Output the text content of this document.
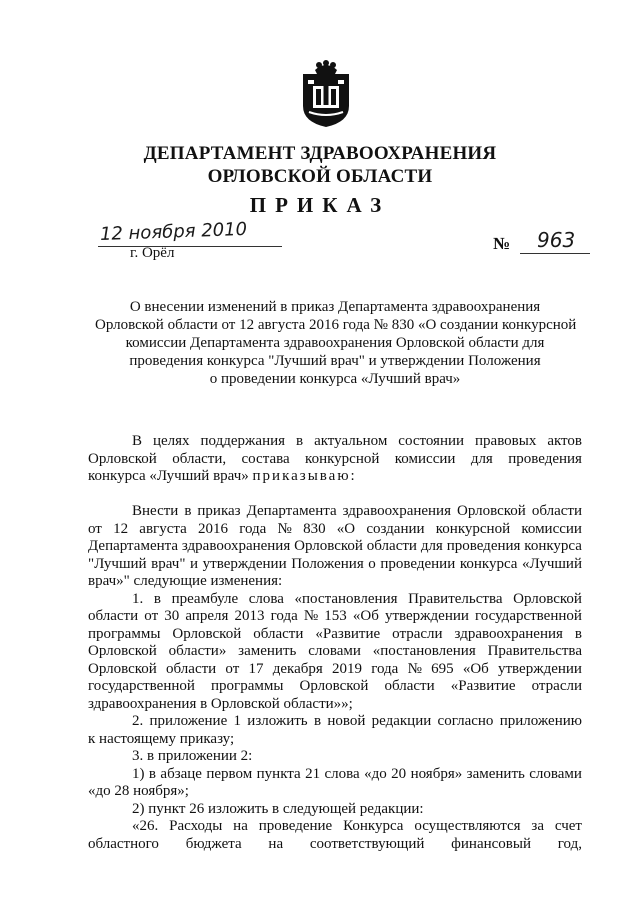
ДЕПАРТАМЕНТ ЗДРАВООХРАНЕНИЯ
ОРЛОВСКОЙ ОБЛАСТИ
ПРИКАЗ
12 ноября 2010
г. Орёл	№ 963
О внесении изменений в приказ Департамента здравоохранения
Орловской области от 12 августа 2016 года № 830 «О создании конкурсной
комиссии Департамента здравоохранения Орловской области для
проведения конкурса "Лучший врач" и утверждении Положения
о проведении конкурса «Лучший врач»
В целях поддержания в актуальном состоянии правовых актов
Орловской области, состава конкурсной комиссии для проведения
конкурса «Лучший врач» приказываю:
Внести в приказ Департамента здравоохранения Орловской области
от 12 августа 2016 года № 830 «О создании конкурсной комиссии
Департамента здравоохранения Орловской области для проведения конкурса
"Лучший врач" и утверждении Положения о проведении конкурса «Лучший
врач»" следующие изменения:
1. в преамбуле слова «постановления Правительства Орловской
области от 30 апреля 2013 года № 153 «Об утверждении государственной
программы Орловской области «Развитие отрасли здравоохранения в
Орловской области» заменить словами «постановления Правительства
Орловской области от 17 декабря 2019 года № 695 «Об утверждении
государственной программы Орловской области «Развитие отрасли
здравоохранения в Орловской области»»;
2. приложение 1 изложить в новой редакции согласно приложению
к настоящему приказу;
3. в приложении 2:
1) в абзаце первом пункта 21 слова «до 20 ноября» заменить словами
«до 28 ноября»;
2) пункт 26 изложить в следующей редакции:
«26. Расходы на проведение Конкурса осуществляются за счет
областного бюджета на соответствующий финансовый год,
